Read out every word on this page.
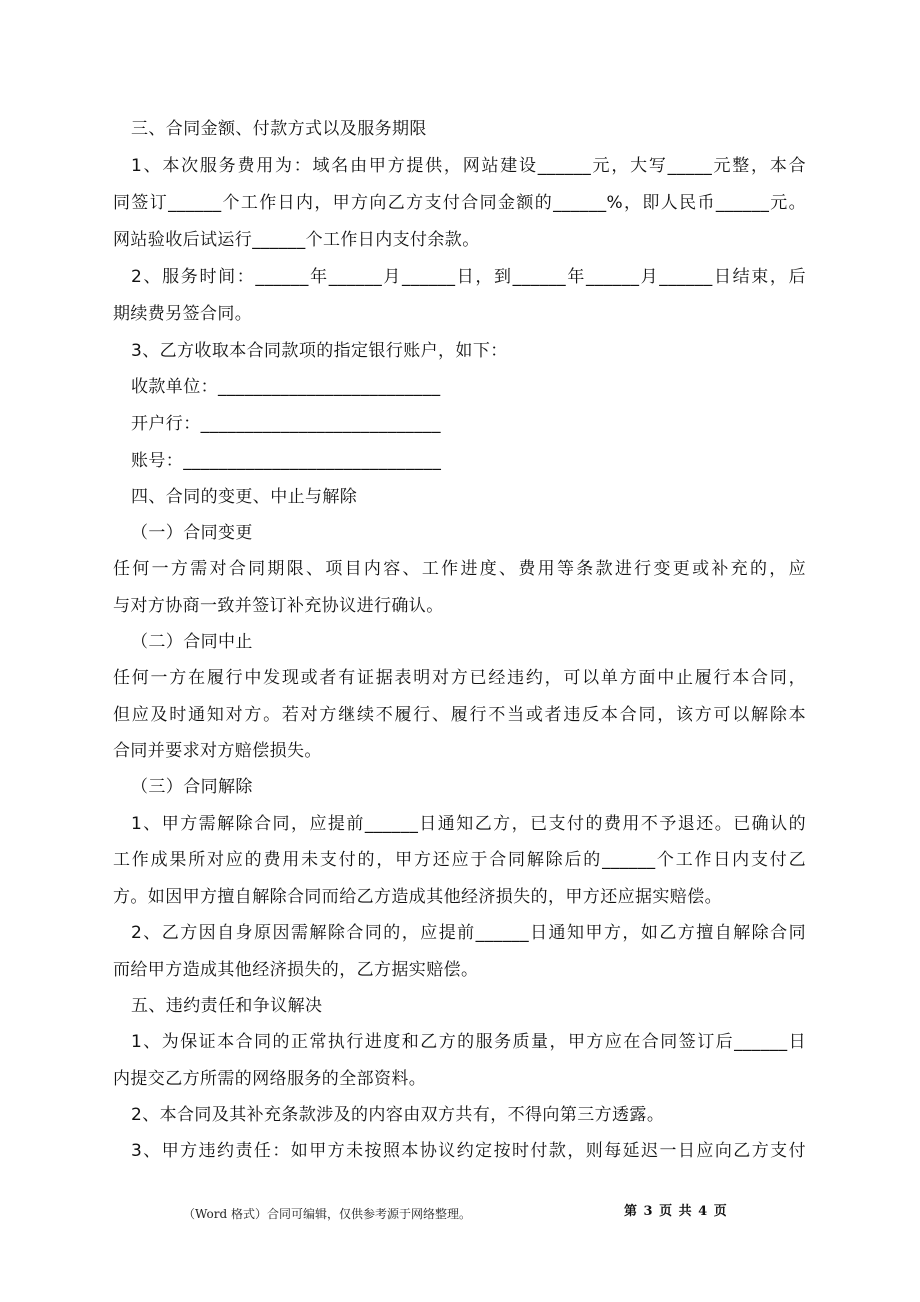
三、合同金额、付款方式以及服务期限
1、本次服务费用为：域名由甲方提供，网站建设______元，大写_____元整，本合
同签订______个工作日内，甲方向乙方支付合同金额的______%，即人民币______元。
网站验收后试运行______个工作日内支付余款。
2、服务时间：______年______月______日，到______年______月______日结束，后
期续费另签合同。
3、乙方收取本合同款项的指定银行账户，如下：
收款单位：_________________________
开户行：___________________________
账号：_____________________________
四、合同的变更、中止与解除
（一）合同变更
任何一方需对合同期限、项目内容、工作进度、费用等条款进行变更或补充的，应
与对方协商一致并签订补充协议进行确认。
（二）合同中止
任何一方在履行中发现或者有证据表明对方已经违约，可以单方面中止履行本合同，
但应及时通知对方。若对方继续不履行、履行不当或者违反本合同，该方可以解除本
合同并要求对方赔偿损失。
（三）合同解除
1、甲方需解除合同，应提前______日通知乙方，已支付的费用不予退还。已确认的
工作成果所对应的费用未支付的，甲方还应于合同解除后的______个工作日内支付乙
方。如因甲方擅自解除合同而给乙方造成其他经济损失的，甲方还应据实赔偿。
2、乙方因自身原因需解除合同的，应提前______日通知甲方，如乙方擅自解除合同
而给甲方造成其他经济损失的，乙方据实赔偿。
五、违约责任和争议解决
1、为保证本合同的正常执行进度和乙方的服务质量，甲方应在合同签订后______日
内提交乙方所需的网络服务的全部资料。
2、本合同及其补充条款涉及的内容由双方共有，不得向第三方透露。
3、甲方违约责任：如甲方未按照本协议约定按时付款，则每延迟一日应向乙方支付
（Word 格式）合同可编辑，仅供参考源于网络整理。	第 3 页 共 4 页
